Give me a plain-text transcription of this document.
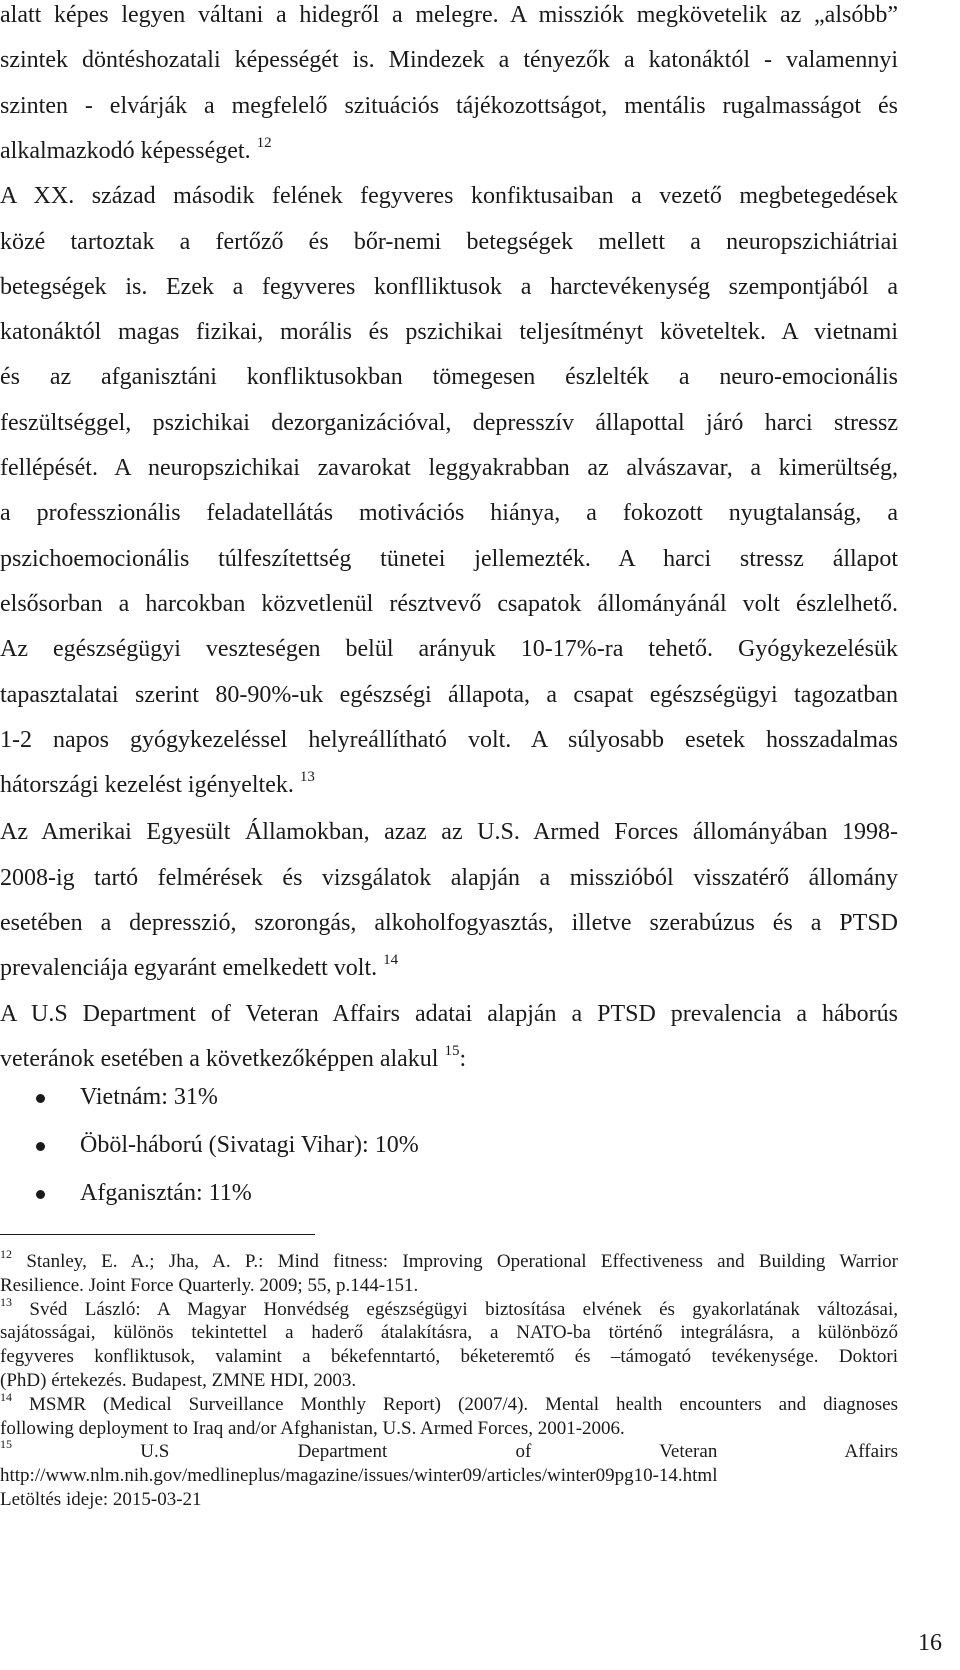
alatt képes legyen váltani a hidegről a melegre. A missziók megkövetelik az „alsóbb”

szintek döntéshozatali képességét is. Mindezek a tényezők a katonáktól - valamennyi

szinten - elvárják a megfelelő szituációs tájékozottságot, mentális rugalmasságot és

alkalmazkodó képességet. $^{12}$

A XX. század második felének fegyveres konfiktusaiban a vezető megbetegedések

közé tartoztak a fertőző és bőr-nemi betegségek mellett a neuropszichiátriai

betegségek is. Ezek a fegyveres konflliktusok a harctevékenység szempontjából a

katonáktól magas fizikai, morális és pszichikai teljesítményt követeltek. A vietnami

és az afganisztáni konfliktusokban tömegesen észlelték a neuro-emocionális

feszültséggel, pszichikai dezorganizációval, depresszív állapottal járó harci stressz

fellépését. A neuropszichikai zavarokat leggyakrabban az alvászavar, a kimerültség,

a professzionális feladatellátás motivációs hiánya, a fokozott nyugtalanság, a

pszichoemocionális túlfeszítettség tünetei jellemezték. A harci stressz állapot

elsősorban a harcokban közvetlenül résztvevő csapatok állományánál volt észlelhető.

Az egészségügyi veszteségen belül arányuk 10-17%-ra tehető. Gyógykezelésük

tapasztalatai szerint 80-90%-uk egészségi állapota, a csapat egészségügyi tagozatban

1-2 napos gyógykezeléssel helyreállítható volt. A súlyosabb esetek hosszadalmas

hátországi kezelést igényeltek. $^{13}$

Az Amerikai Egyesült Államokban, azaz az U.S. Armed Forces állományában 1998-

2008-ig tartó felmérések és vizsgálatok alapján a misszióból visszatérő állomány

esetében a depresszió, szorongás, alkoholfogyasztás, illetve szerabúzus és a PTSD

prevalenciája egyaránt emelkedett volt. $^{14}$

A U.S Department of Veteran Affairs adatai alapján a PTSD prevalencia a háborús

veteránok esetében a következőképpen alakul $^{15}$:

Vietnám: 31%
Öböl-háború (Sivatagi Vihar): 10%
Afganisztán: 11%

$^{12}$ Stanley, E. A.; Jha, A. P.: Mind fitness: Improving Operational Effectiveness and Building Warrior

Resilience. Joint Force Quarterly. 2009; 55, p.144-151.

$^{13}$ Svéd László: A Magyar Honvédség egészségügyi biztosítása elvének és gyakorlatának változásai,

sajátosságai, különös tekintettel a haderő átalakításra, a NATO-ba történő integrálásra, a különböző

fegyveres konfliktusok, valamint a békefenntartó, béketeremtő és –támogató tevékenysége. Doktori

(PhD) értekezés. Budapest, ZMNE HDI, 2003.

$^{14}$ MSMR (Medical Surveillance Monthly Report) (2007/4). Mental health encounters and diagnoses

following deployment to Iraq and/or Afghanistan, U.S. Armed Forces, 2001-2006.

$^{15}$	U.S Department of Veteran Affairs

http://www.nlm.nih.gov/medlineplus/magazine/issues/winter09/articles/winter09pg10-14.html

Letöltés ideje: 2015-03-21

16
